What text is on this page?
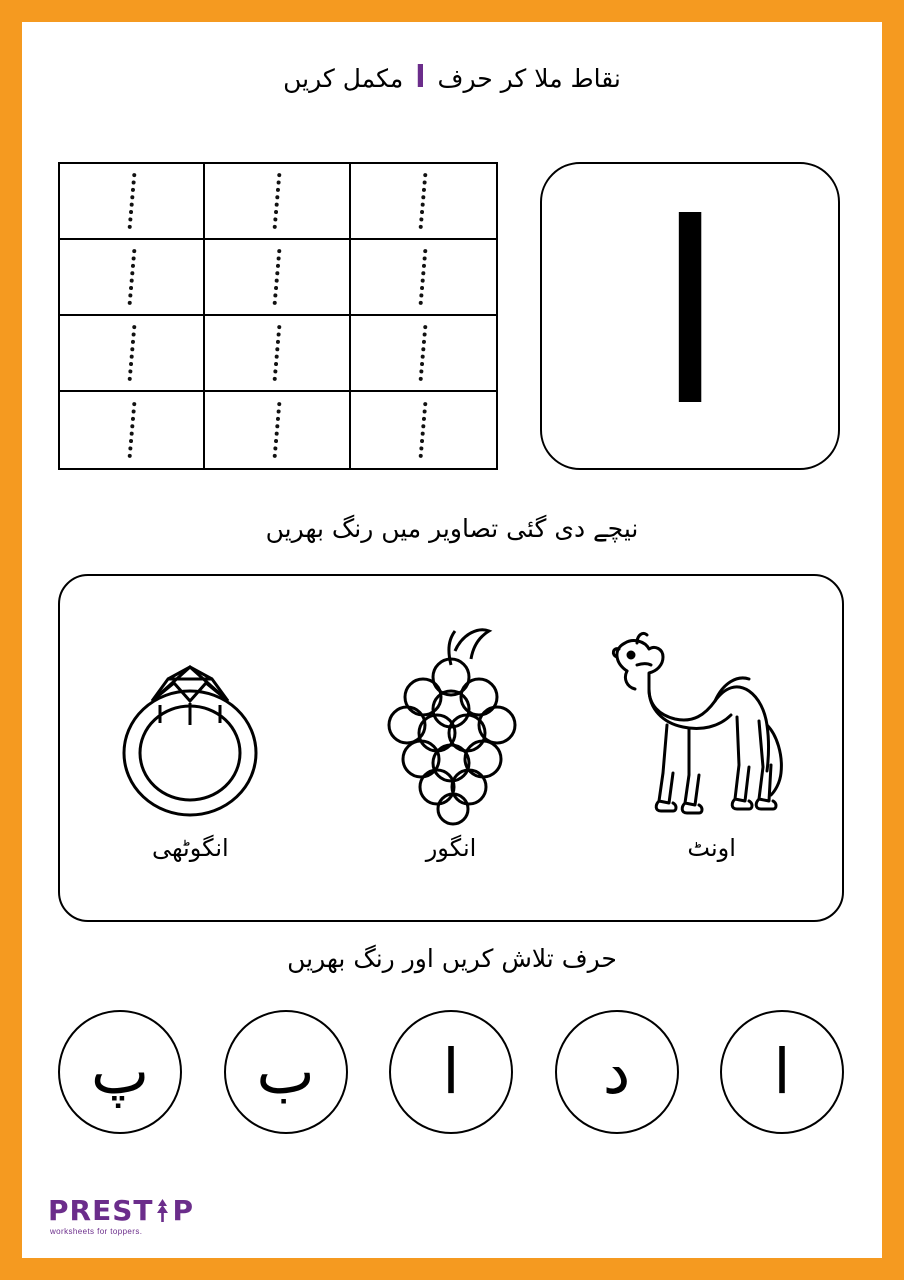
نقاط ملا کر حرف ا مکمل کریں
ا
نیچے دی گئی تصاویر میں رنگ بھریں
انگوٹھی	انگور	اونٹ
حرف تلاش کریں اور رنگ بھریں
ا
د
ا
ب
پ
PREST P
worksheets for toppers.
